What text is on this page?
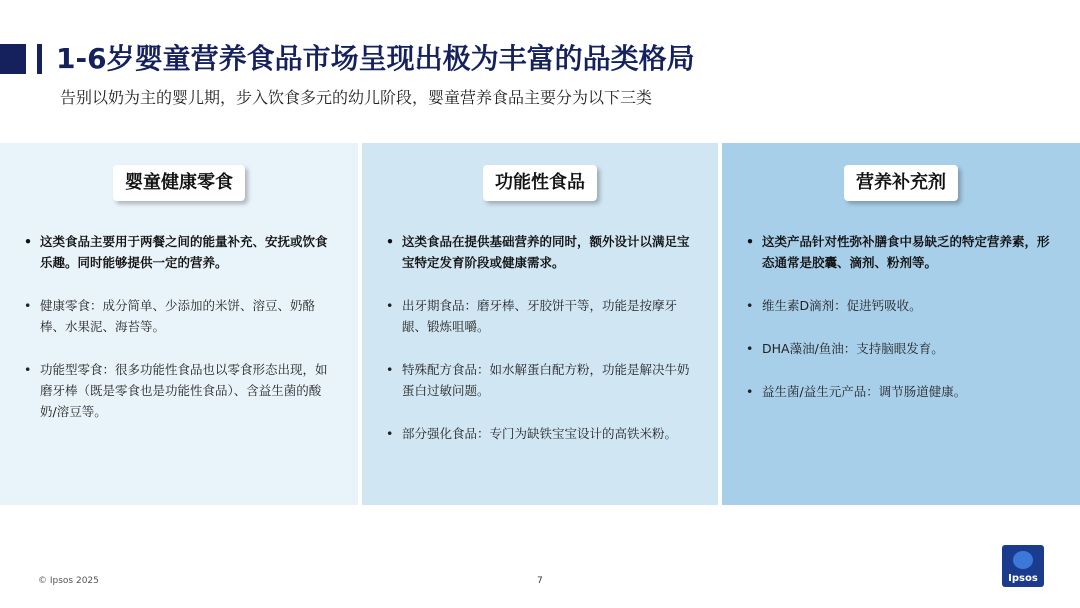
1-6岁婴童营养食品市场呈现出极为丰富的品类格局

告别以奶为主的婴儿期，步入饮食多元的幼儿阶段，婴童营养食品主要分为以下三类

婴童健康零食
• 这类食品主要用于两餐之间的能量补充、安抚或饮食乐趣。同时能够提供一定的营养。
• 健康零食：成分简单、少添加的米饼、溶豆、奶酪棒、水果泥、海苔等。
• 功能型零食：很多功能性食品也以零食形态出现，如磨牙棒（既是零食也是功能性食品）、含益生菌的酸奶/溶豆等。
功能性食品
• 这类食品在提供基础营养的同时，额外设计以满足宝宝特定发育阶段或健康需求。
• 出牙期食品：磨牙棒、牙胶饼干等，功能是按摩牙龈、锻炼咀嚼。
• 特殊配方食品：如水解蛋白配方粉，功能是解决牛奶蛋白过敏问题。
• 部分强化食品：专门为缺铁宝宝设计的高铁米粉。
营养补充剂
• 这类产品针对性弥补膳食中易缺乏的特定营养素，形态通常是胶囊、滴剂、粉剂等。
• 维生素D滴剂：促进钙吸收。
• DHA藻油/鱼油：支持脑眼发育。
• 益生菌/益生元产品：调节肠道健康。
© Ipsos 2025	7	Ipsos
